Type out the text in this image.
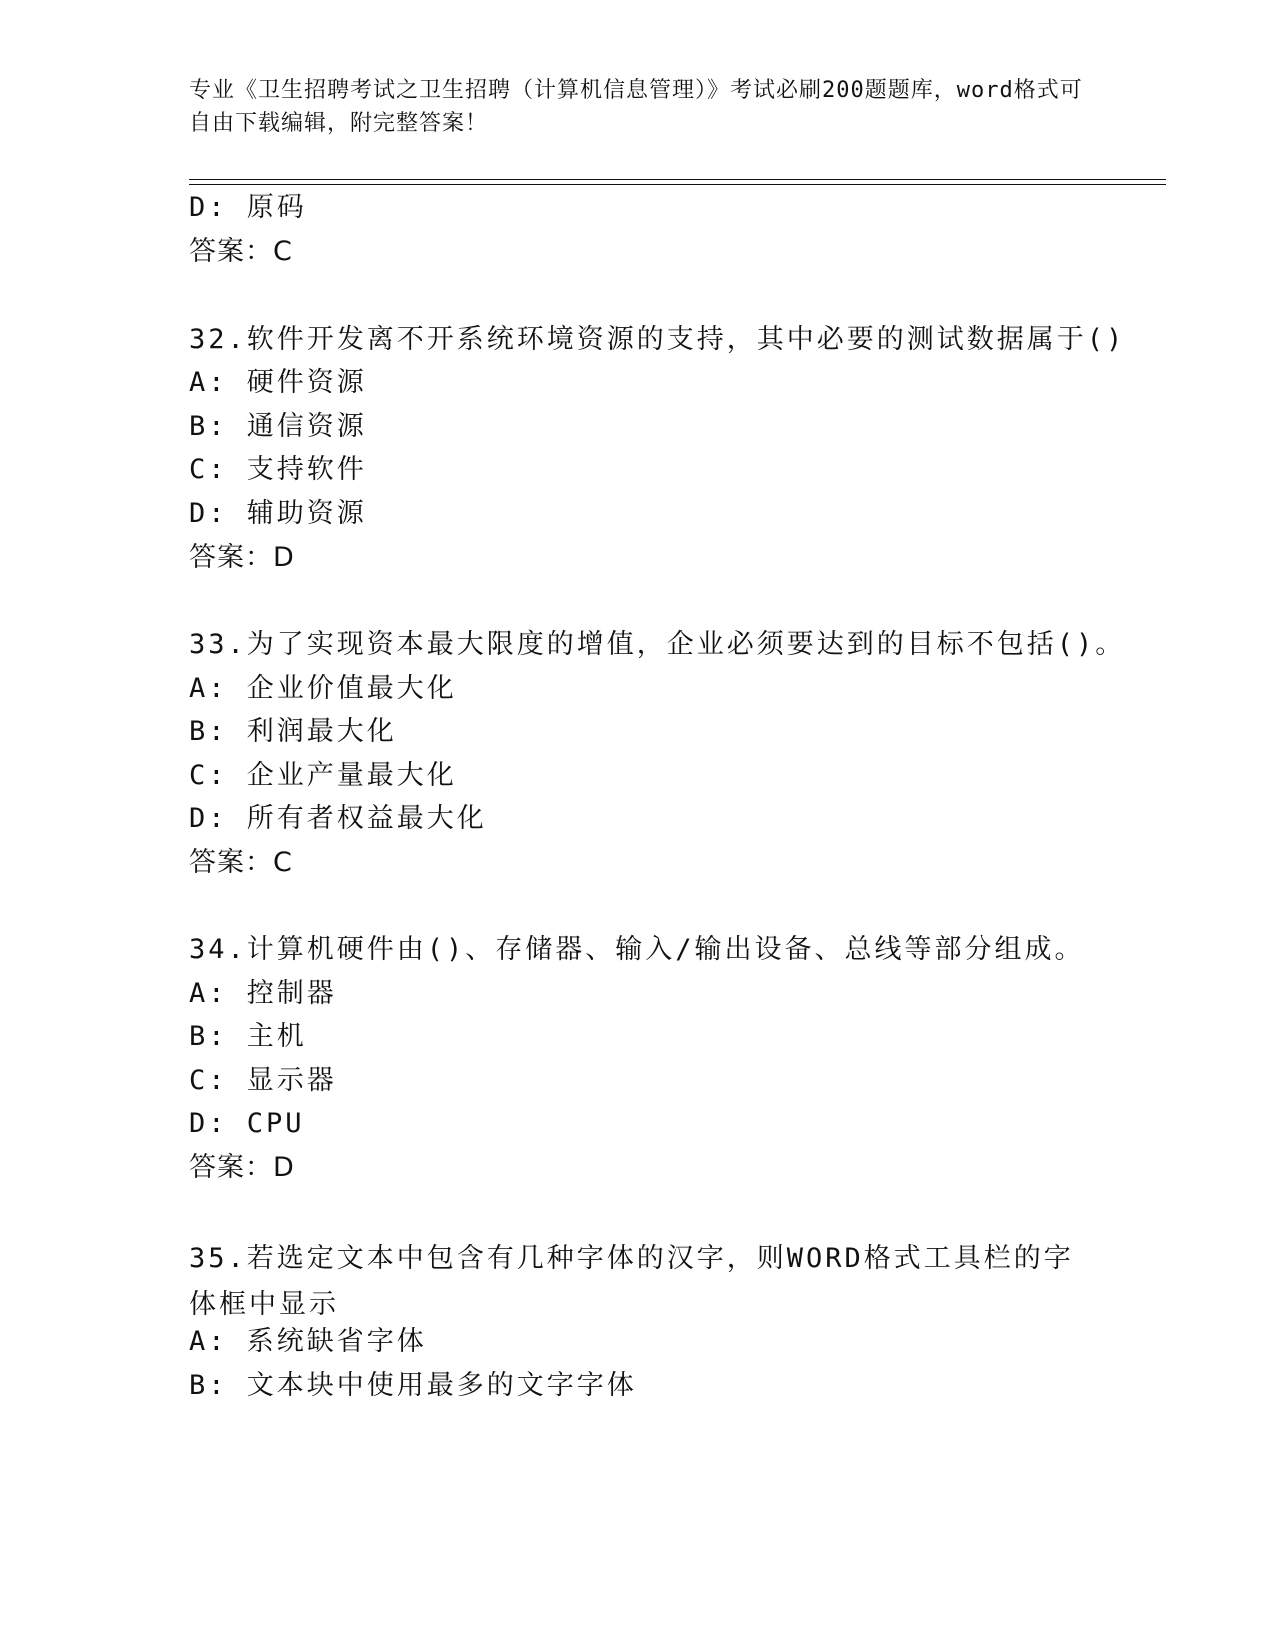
专业《卫生招聘考试之卫生招聘（计算机信息管理）》考试必刷200题题库，word格式可自由下载编辑，附完整答案！
D: 原码
答案：C
32.软件开发离不开系统环境资源的支持，其中必要的测试数据属于()
A: 硬件资源
B: 通信资源
C: 支持软件
D: 辅助资源
答案：D
33.为了实现资本最大限度的增值，企业必须要达到的目标不包括()。
A: 企业价值最大化
B: 利润最大化
C: 企业产量最大化
D: 所有者权益最大化
答案：C
34.计算机硬件由()、存储器、输入/输出设备、总线等部分组成。
A: 控制器
B: 主机
C: 显示器
D: CPU
答案：D
35.若选定文本中包含有几种字体的汉字，则WORD格式工具栏的字体框中显示
A: 系统缺省字体
B: 文本块中使用最多的文字字体
